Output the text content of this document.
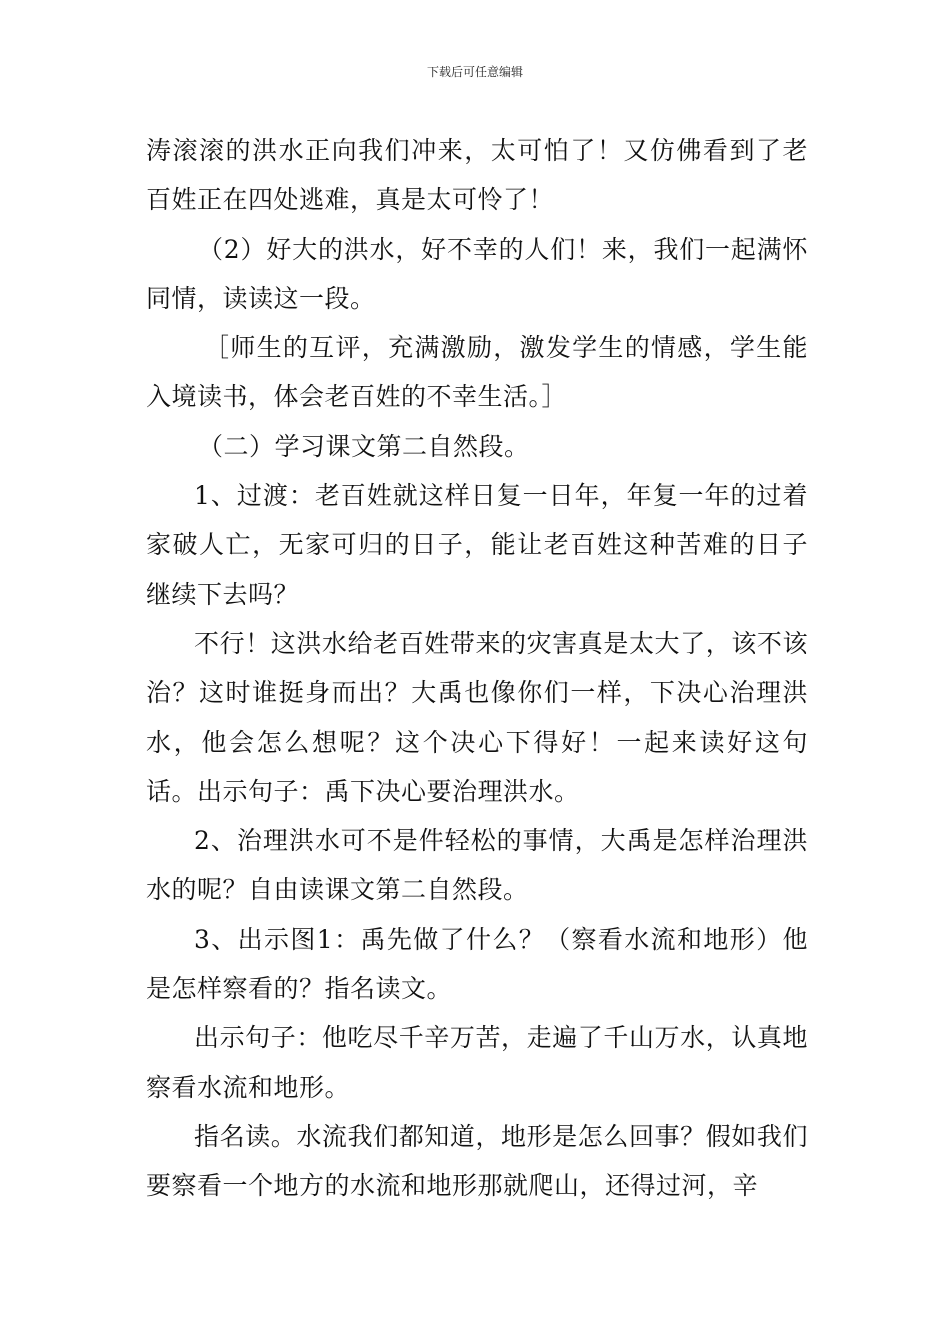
下载后可任意编辑

涛滚滚的洪水正向我们冲来，太可怕了！又仿佛看到了老百姓正在四处逃难，真是太可怜了！

（2）好大的洪水，好不幸的人们！来，我们一起满怀同情，读读这一段。

［师生的互评，充满激励，激发学生的情感，学生能入境读书，体会老百姓的不幸生活。］

（二）学习课文第二自然段。

1、过渡：老百姓就这样日复一日年，年复一年的过着家破人亡，无家可归的日子，能让老百姓这种苦难的日子继续下去吗？

不行！这洪水给老百姓带来的灾害真是太大了，该不该治？这时谁挺身而出？大禹也像你们一样，下决心治理洪水，他会怎么想呢？这个决心下得好！一起来读好这句话。出示句子：禹下决心要治理洪水。

2、治理洪水可不是件轻松的事情，大禹是怎样治理洪水的呢？自由读课文第二自然段。

3、出示图1：禹先做了什么？（察看水流和地形）他是怎样察看的？指名读文。

出示句子：他吃尽千辛万苦，走遍了千山万水，认真地察看水流和地形。

指名读。水流我们都知道，地形是怎么回事？假如我们要察看一个地方的水流和地形那就爬山，还得过河，辛
